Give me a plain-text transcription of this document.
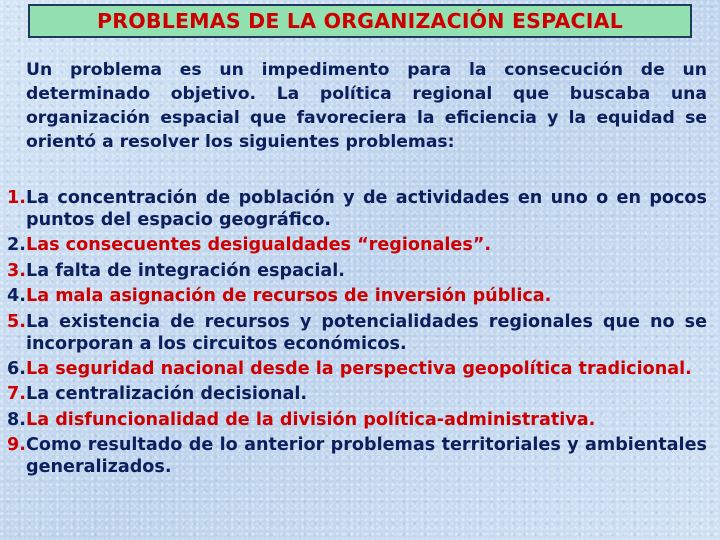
PROBLEMAS DE LA ORGANIZACIÓN ESPACIAL
Un problema es un impedimento para la consecución de un determinado objetivo. La política regional que buscaba una organización espacial que favoreciera la eficiencia y la equidad se orientó a resolver los siguientes problemas:
1. La concentración de población y de actividades en uno o en pocos puntos del espacio geográfico.
2. Las consecuentes desigualdades “regionales”.
3. La falta de integración espacial.
4. La mala asignación de recursos de inversión pública.
5. La existencia de recursos y potencialidades regionales que no se incorporan a los circuitos económicos.
6. La seguridad nacional desde la perspectiva geopolítica tradicional.
7. La centralización decisional.
8. La disfuncionalidad de la división política-administrativa.
9. Como resultado de lo anterior problemas territoriales y ambientales generalizados.
